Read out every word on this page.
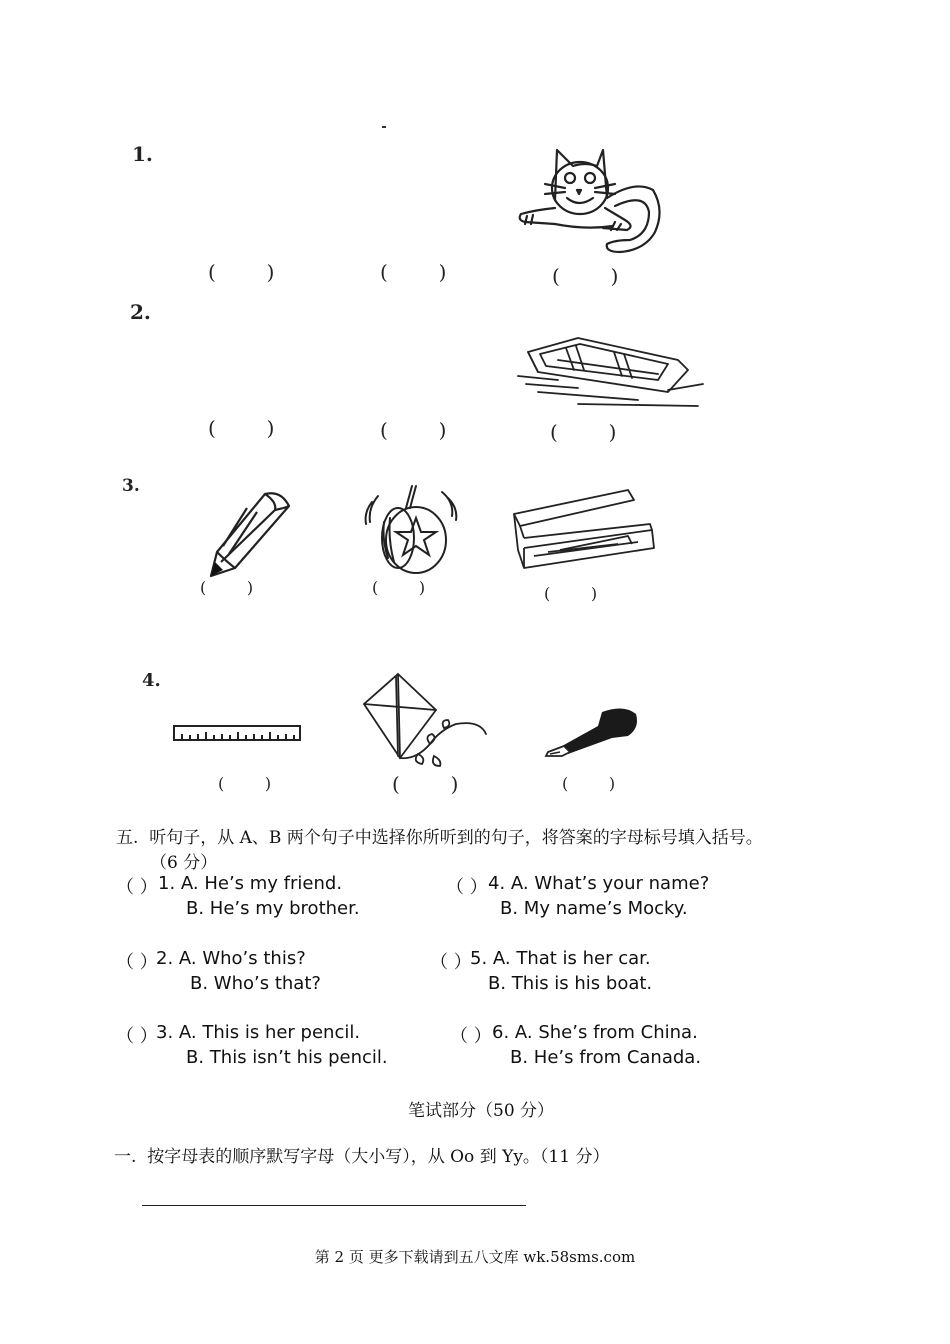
1.
(        )	(        )	(        )
2.
(        )	(        )	(        )
3.
(        )	(        )	(        )
4.
(        )	(        )	(        )
五.  听句子，从 A、B 两个句子中选择你所听到的句子，将答案的字母标号填入括号。
（6 分）
（ ） 1. A. He’s my friend.
B. He’s my brother.
（ ） 4. A. What’s your name?
B. My name’s Mocky.
（ ）
2. A. Who’s this?
B. Who’s that?
（ ）
5. A. That is her car.
B. This is his boat.
（ ）
3. A. This is her pencil.
B. This isn’t his pencil.
（ ） 6. A. She’s from China.
B. He’s from Canada.
笔试部分（50 分）
一.  按字母表的顺序默写字母（大小写），从 Oo 到 Yy。（11 分）
第 2 页 更多下载请到五八文库 wk.58sms.com
